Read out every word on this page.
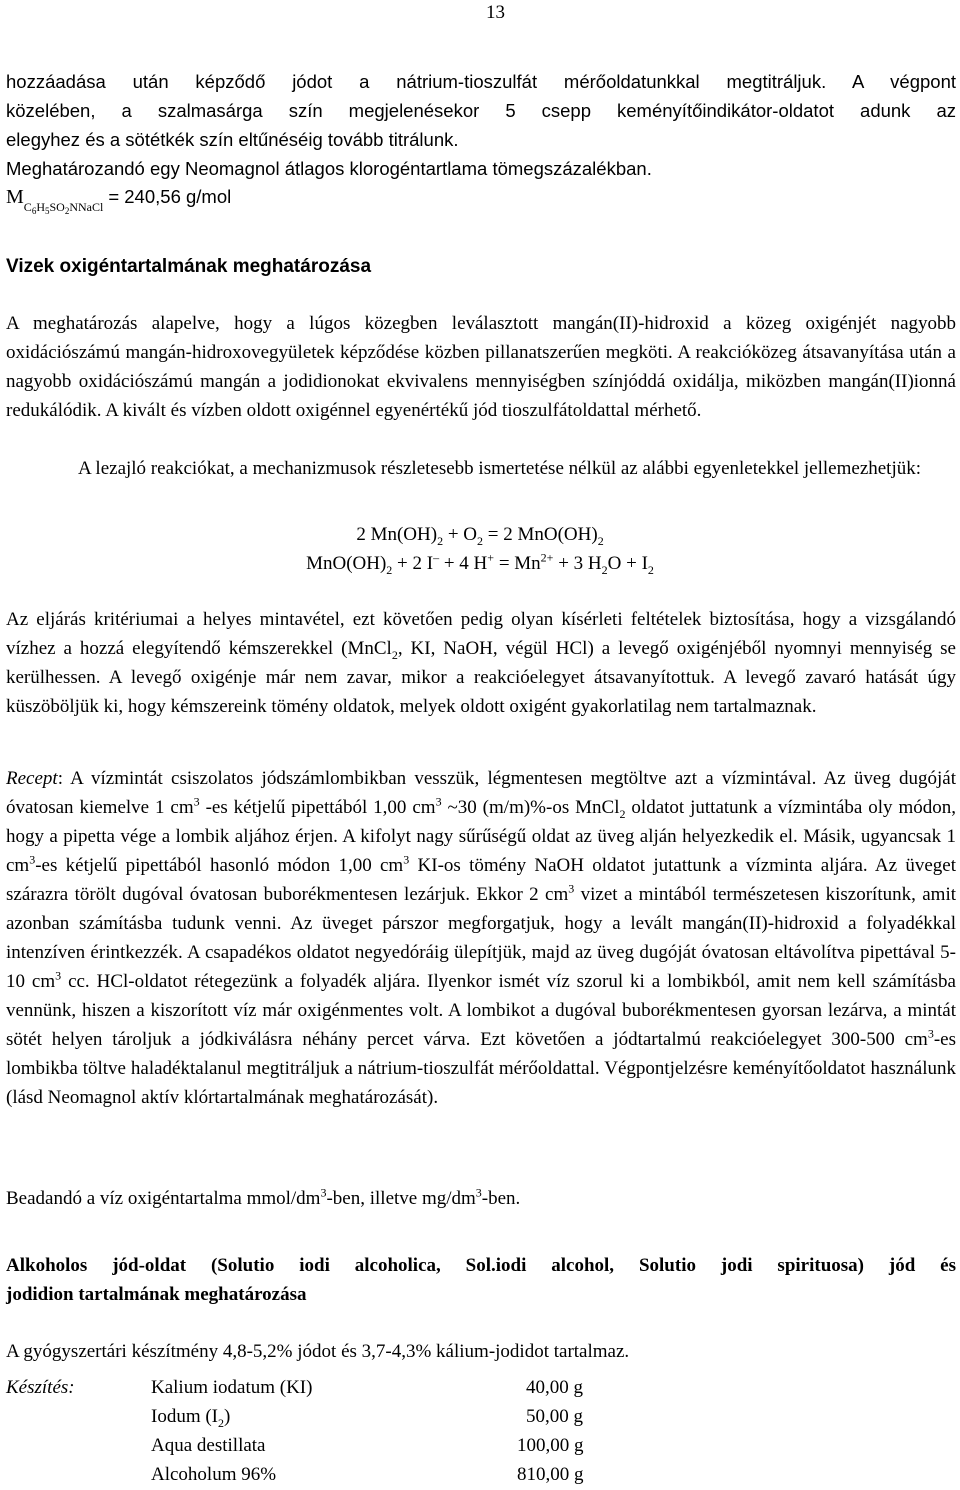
13
hozzáadása után képződő jódot a nátrium-tioszulfát mérőoldatunkkal megtitráljuk. A végpont
közelében, a szalmasárga szín megjelenésekor 5 csepp keményítőindikátor-oldatot adunk az
elegyhez és a sötétkék szín eltűnéséig tovább titrálunk.
Meghatározandó egy Neomagnol átlagos klorogéntartlama tömegszázalékban.
$M_{C_6H_5SO_2NNaCl} = 240,56$ g/mol
Vizek oxigéntartalmának meghatározása

A meghatározás alapelve, hogy a lúgos közegben leválasztott mangán(II)-hidroxid a közeg oxigénjét nagyobb oxidációszámú mangán-hidroxovegyületek képződése közben pillanatszerűen megköti. A reakcióközeg átsavanyítása után a nagyobb oxidációszámú mangán a jodidionokat ekvivalens mennyiségben színjóddá oxidálja, miközben mangán(II)ionná redukálódik. A kivált és vízben oldott oxigénnel egyenértékű jód tioszulfátoldattal mérhető.

A lezajló reakciókat, a mechanizmusok részletesebb ismertetése nélkül az alábbi egyenletekkel jellemezhetjük:

2 $Mn(OH)_2 + O_2 = 2$ $MnO(OH)_2$
$MnO(OH)_2 + 2$ I– + 4 $H^+ = Mn^{2+} + 3$ $H_2O + I_2$

Az eljárás kritériumai a helyes mintavétel, ezt követően pedig olyan kísérleti feltételek biztosítása, hogy a vizsgálandó vízhez a hozzá elegyítendő kémszerekkel (MnCl$_2$, KI, NaOH, végül HCl) a levegő oxigénjéből nyomnyi mennyiség se kerülhessen. A levegő oxigénje már nem zavar, mikor a reakcióelegyet átsavanyítottuk. A levegő zavaró hatását úgy küszöböljük ki, hogy kémszereink tömény oldatok, melyek oldott oxigént gyakorlatilag nem tartalmaznak.

Recept: A vízmintát csiszolatos jódszámlombikban vesszük, légmentesen megtöltve azt a vízmintával. Az üveg dugóját óvatosan kiemelve 1 $cm^3$ -es kétjelű pipettából 1,00 $cm^3$ ~30 (m/m)%-os MnCl$_2$ oldatot juttatunk a vízmintába oly módon, hogy a pipetta vége a lombik aljához érjen. A kifolyt nagy sűrűségű oldat az üveg alján helyezkedik el. Másik, ugyancsak 1 $cm^3-es$ kétjelű pipettából hasonló módon 1,00 $cm^3$ KI-os tömény NaOH oldatot jutattunk a vízminta aljára. Az üveget szárazra törölt dugóval óvatosan buborékmentesen lezárjuk. Ekkor 2 $cm^3$ vizet a mintából természetesen kiszorítunk, amit azonban számításba tudunk venni. Az üveget párszor megforgatjuk, hogy a levált mangán(II)-hidroxid a folyadékkal intenzíven érintkezzék. A csapadékos oldatot negyedóráig ülepítjük, majd az üveg dugóját óvatosan eltávolítva pipettával 5-10 $cm^3$ cc. HCl-oldatot rétegezünk a folyadék aljára. Ilyenkor ismét víz szorul ki a lombikból, amit nem kell számításba vennünk, hiszen a kiszorított víz már oxigénmentes volt. A lombikot a dugóval buborékmentesen gyorsan lezárva, a mintát sötét helyen tároljuk a jódkiválásra néhány percet várva. Ezt követően a jódtartalmú reakcióelegyet 300-500 $cm^3-es$ lombikba töltve haladéktalanul megtitráljuk a nátrium-tioszulfát mérőoldattal. Végpontjelzésre keményítőoldatot használunk (lásd Neomagnol aktív klórtartalmának meghatározását).

Beadandó a víz oxigéntartalma mmol/$dm^3$-ben, illetve $mg/dm^3$-ben.
Alkoholos jód-oldat (Solutio iodi alcoholica, Sol.iodi alcohol, Solutio jodi spirituosa) jód és
jodidion tartalmának meghatározása
A gyógyszertári készítmény 4,8-5,2% jódot és 3,7-4,3% kálium-jodidot tartalmaz.
Készítés:	Kalium iodatum (KI)	40,00 g
Iodum $(I_2)$	50,00 g
Aqua destillata	100,00 g
Alcoholum 96%	810,00 g
